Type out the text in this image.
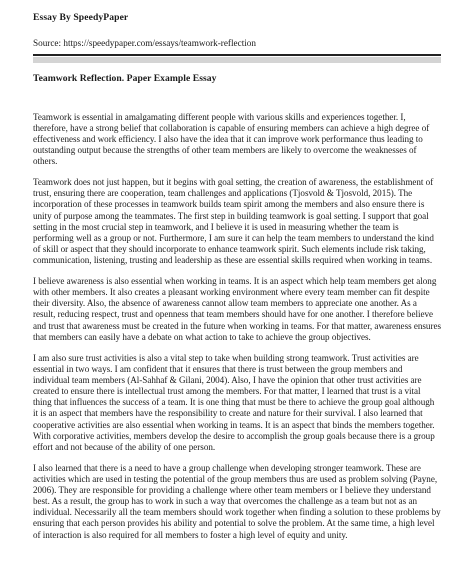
Essay By SpeedyPaper
Source: https://speedypaper.com/essays/teamwork-reflection
Teamwork Reflection. Paper Example Essay

Teamwork is essential in amalgamating different people with various skills and experiences together. I, therefore, have a strong belief that collaboration is capable of ensuring members can achieve a high degree of effectiveness and work efficiency. I also have the idea that it can improve work performance thus leading to outstanding output because the strengths of other team members are likely to overcome the weaknesses of others.

Teamwork does not just happen, but it begins with goal setting, the creation of awareness, the establishment of trust, ensuring there are cooperation, team challenges and applications (Tjosvold & Tjosvold, 2015). The incorporation of these processes in teamwork builds team spirit among the members and also ensure there is unity of purpose among the teammates. The first step in building teamwork is goal setting. I support that goal setting in the most crucial step in teamwork, and I believe it is used in measuring whether the team is performing well as a group or not. Furthermore, I am sure it can help the team members to understand the kind of skill or aspect that they should incorporate to enhance teamwork spirit. Such elements include risk taking, communication, listening, trusting and leadership as these are essential skills required when working in teams.

I believe awareness is also essential when working in teams. It is an aspect which help team members get along with other members. It also creates a pleasant working environment where every team member can fit despite their diversity. Also, the absence of awareness cannot allow team members to appreciate one another. As a result, reducing respect, trust and openness that team members should have for one another. I therefore believe and trust that awareness must be created in the future when working in teams. For that matter, awareness ensures that members can easily have a debate on what action to take to achieve the group objectives.

I am also sure trust activities is also a vital step to take when building strong teamwork. Trust activities are essential in two ways. I am confident that it ensures that there is trust between the group members and individual team members (Al-Sahhaf & Gilani, 2004). Also, I have the opinion that other trust activities are created to ensure there is intellectual trust among the members. For that matter, I learned that trust is a vital thing that influences the success of a team. It is one thing that must be there to achieve the group goal although it is an aspect that members have the responsibility to create and nature for their survival. I also learned that cooperative activities are also essential when working in teams. It is an aspect that binds the members together. With corporative activities, members develop the desire to accomplish the group goals because there is a group effort and not because of the ability of one person.

I also learned that there is a need to have a group challenge when developing stronger teamwork. These are activities which are used in testing the potential of the group members thus are used as problem solving (Payne, 2006). They are responsible for providing a challenge where other team members or I believe they understand best. As a result, the group has to work in such a way that overcomes the challenge as a team but not as an individual. Necessarily all the team members should work together when finding a solution to these problems by ensuring that each person provides his ability and potential to solve the problem. At the same time, a high level of interaction is also required for all members to foster a high level of equity and unity.
